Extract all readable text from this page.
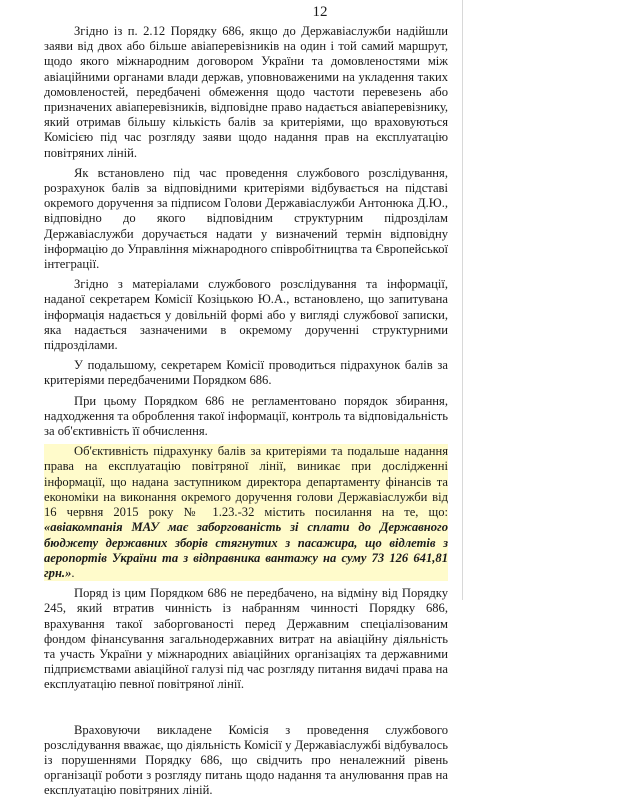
12

Згідно із п. 2.12 Порядку 686, якщо до Державіаслужби надійшли заяви від двох або більше авіаперевізників на один і той самий маршрут, щодо якого міжнародним договором України та домовленостями між авіаційними органами влади держав, уповноваженими на укладення таких домовленостей, передбачені обмеження щодо частоти перевезень або призначених авіаперевізників, відповідне право надається авіаперевізнику, який отримав більшу кількість балів за критеріями, що враховуються Комісією під час розгляду заяви щодо надання прав на експлуатацію повітряних ліній.

Як встановлено під час проведення службового розслідування, розрахунок балів за відповідними критеріями відбувається на підставі окремого доручення за підписом Голови Державіаслужби Антонюка Д.Ю., відповідно до якого відповідним структурним підрозділам Державіаслужби доручається надати у визначений термін відповідну інформацію до Управління міжнародного співробітництва та Європейської інтеграції.

Згідно з матеріалами службового розслідування та інформації, наданої секретарем Комісії Козіцькою Ю.А., встановлено, що запитувана інформація надається у довільній формі або у вигляді службової записки, яка надається зазначеними в окремому дорученні структурними підрозділами.

У подальшому, секретарем Комісії проводиться підрахунок балів за критеріями передбаченими Порядком 686.

При цьому Порядком 686 не регламентовано порядок збирання, надходження та оброблення такої інформації, контроль та відповідальність за об'єктивність її обчислення.

Об'єктивність підрахунку балів за критеріями та подальше надання права на експлуатацію повітряної лінії, виникає при дослідженні інформації, що надана заступником директора департаменту фінансів та економіки на виконання окремого доручення голови Державіаслужби від 16 червня 2015 року № 1.23.-32 містить посилання на те, що: «авіакомпанія МАУ має заборгованість зі сплати до Державного бюджету державних зборів стягнутих з пасажира, що відлетів з аеропортів України та з відправника вантажу на суму 73 126 641,81 грн.».

Поряд із цим Порядком 686 не передбачено, на відміну від Порядку 245, який втратив чинність із набранням чинності Порядку 686, врахування такої заборгованості перед Державним спеціалізованим фондом фінансування загальнодержавних витрат на авіаційну діяльність та участь України у міжнародних авіаційних організаціях та державними підприємствами авіаційної галузі під час розгляду питання видачі права на експлуатацію певної повітряної лінії.

Враховуючи викладене Комісія з проведення службового розслідування вважає, що діяльність Комісії у Державіаслужбі відбувалось із порушеннями Порядку 686, що свідчить про неналежний рівень організації роботи з розгляду питань щодо надання та анулювання прав на експлуатацію повітряних ліній.
